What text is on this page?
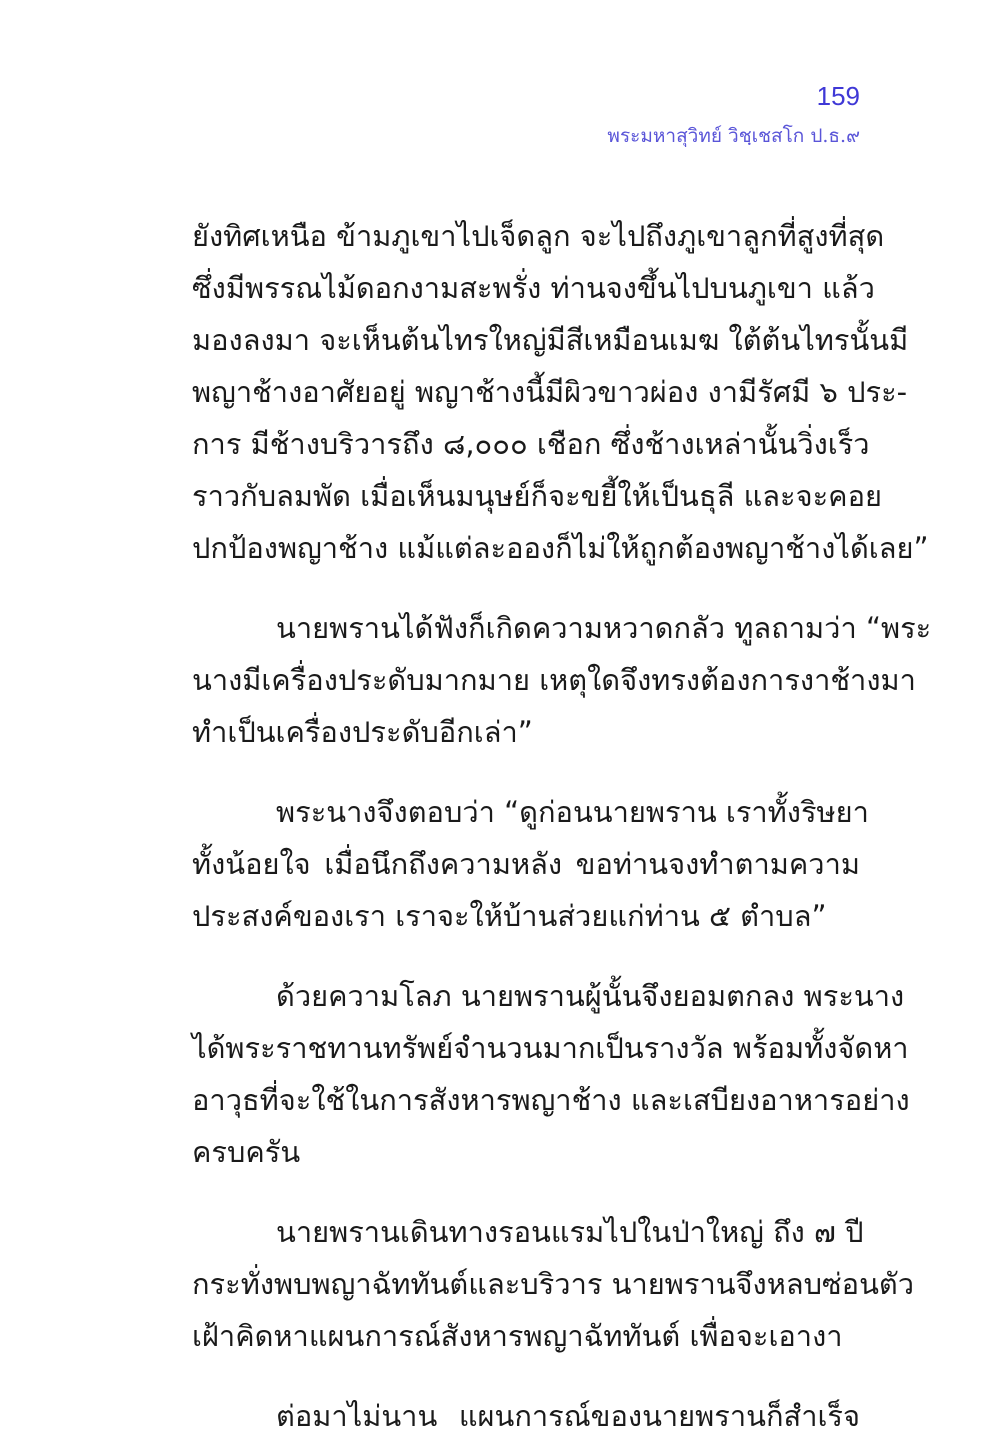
159
พระมหาสุวิทย์ วิชฺเชสโก ป.ธ.๙
ยังทิศเหนือ ข้ามภูเขาไปเจ็ดลูก จะไปถึงภูเขาลูกที่สูงที่สุด
ซึ่งมีพรรณไม้ดอกงามสะพรั่ง ท่านจงขึ้นไปบนภูเขา แล้ว
มองลงมา จะเห็นต้นไทรใหญ่มีสีเหมือนเมฆ ใต้ต้นไทรนั้นมี
พญาช้างอาศัยอยู่ พญาช้างนี้มีผิวขาวผ่อง งามีรัศมี ๖ ประ-
การ มีช้างบริวารถึง ๘,๐๐๐ เชือก ซึ่งช้างเหล่านั้นวิ่งเร็ว
ราวกับลมพัด เมื่อเห็นมนุษย์ก็จะขยี้ให้เป็นธุลี และจะคอย
ปกป้องพญาช้าง แม้แต่ละอองก็ไม่ให้ถูกต้องพญาช้างได้เลย”
นายพรานได้ฟังก็เกิดความหวาดกลัว ทูลถามว่า “พระ
นางมีเครื่องประดับมากมาย เหตุใดจึงทรงต้องการงาช้างมา
ทำเป็นเครื่องประดับอีกเล่า”
พระนางจึงตอบว่า “ดูก่อนนายพราน เราทั้งริษยา
ทั้งน้อยใจ เมื่อนึกถึงความหลัง ขอท่านจงทำตามความ
ประสงค์ของเรา เราจะให้บ้านส่วยแก่ท่าน ๕ ตำบล”
ด้วยความโลภ นายพรานผู้นั้นจึงยอมตกลง พระนาง
ได้พระราชทานทรัพย์จำนวนมากเป็นรางวัล พร้อมทั้งจัดหา
อาวุธที่จะใช้ในการสังหารพญาช้าง และเสบียงอาหารอย่าง
ครบครัน
นายพรานเดินทางรอนแรมไปในป่าใหญ่ ถึง ๗ ปี
กระทั่งพบพญาฉัททันต์และบริวาร นายพรานจึงหลบซ่อนตัว
เฝ้าคิดหาแผนการณ์สังหารพญาฉัททันต์ เพื่อจะเอางา
ต่อมาไม่นาน แผนการณ์ของนายพรานก็สำเร็จ
